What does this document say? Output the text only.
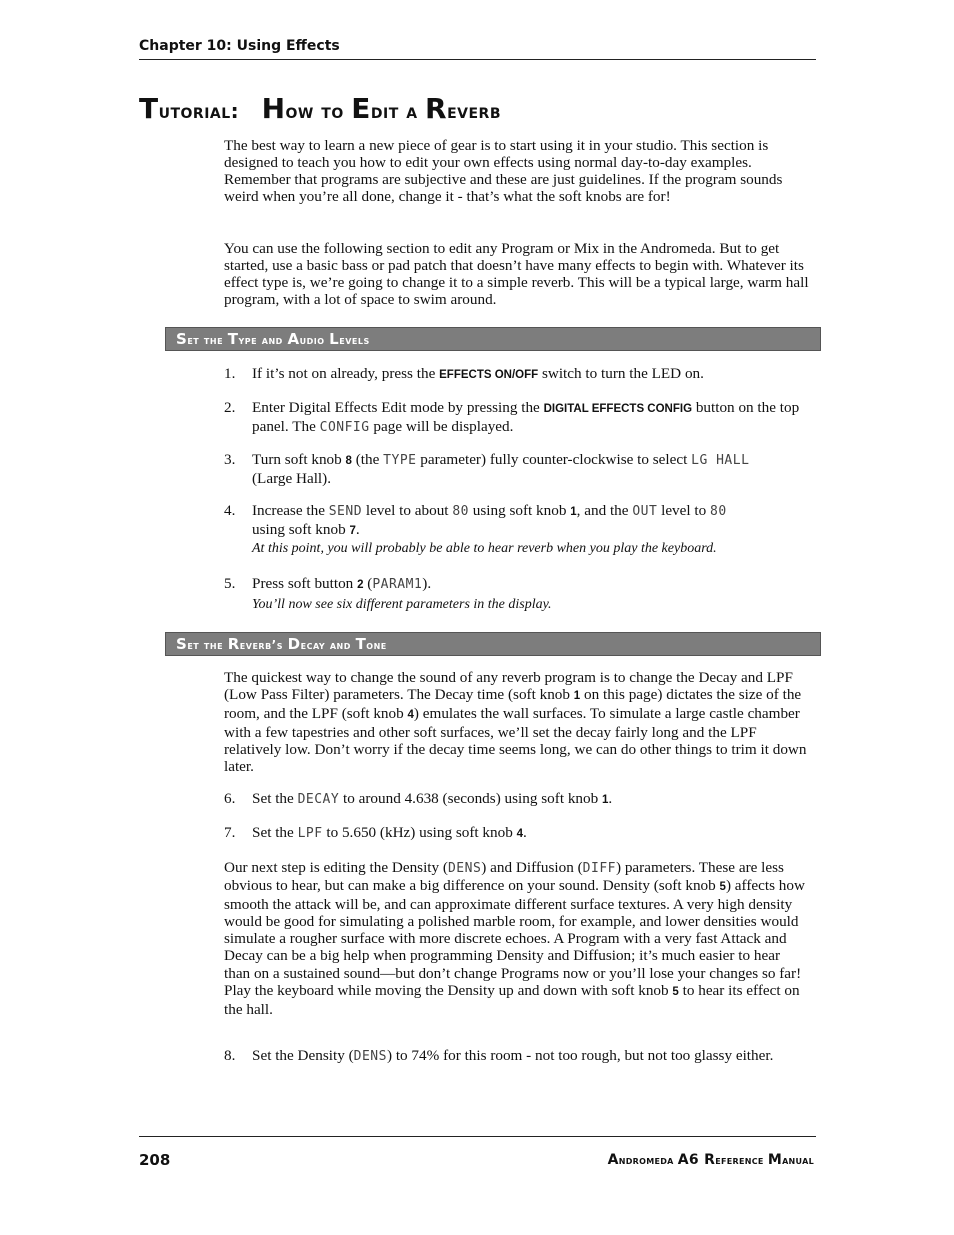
Chapter 10: Using Effects
Tutorial: How to Edit a Reverb
The best way to learn a new piece of gear is to start using it in your studio. This section is designed to teach you how to edit your own effects using normal day-to-day examples. Remember that programs are subjective and these are just guidelines. If the program sounds weird when you’re all done, change it - that’s what the soft knobs are for!
You can use the following section to edit any Program or Mix in the Andromeda. But to get started, use a basic bass or pad patch that doesn’t have many effects to begin with. Whatever its effect type is, we’re going to change it to a simple reverb. This will be a typical large, warm hall program, with a lot of space to swim around.
Set the Type and Audio Levels
1. If it’s not on already, press the EFFECTS ON/OFF switch to turn the LED on.
2. Enter Digital Effects Edit mode by pressing the DIGITAL EFFECTS CONFIG button on the top panel. The CONFIG page will be displayed.
3. Turn soft knob 8 (the TYPE parameter) fully counter-clockwise to select LG HALL
(Large Hall).
4. Increase the SEND level to about 80 using soft knob 1, and the OUT level to 80
using soft knob 7.
At this point, you will probably be able to hear reverb when you play the keyboard.
5. Press soft button 2 (PARAM1).
You’ll now see six different parameters in the display.
Set the Reverb’s Decay and Tone
The quickest way to change the sound of any reverb program is to change the Decay and LPF (Low Pass Filter) parameters. The Decay time (soft knob 1 on this page) dictates the size of the room, and the LPF (soft knob 4) emulates the wall surfaces. To simulate a large castle chamber with a few tapestries and other soft surfaces, we’ll set the decay fairly long and the LPF relatively low. Don’t worry if the decay time seems long, we can do other things to trim it down later.
6. Set the DECAY to around 4.638 (seconds) using soft knob 1.
7. Set the LPF to 5.650 (kHz) using soft knob 4.
Our next step is editing the Density (DENS) and Diffusion (DIFF) parameters. These are less obvious to hear, but can make a big difference on your sound. Density (soft knob 5) affects how smooth the attack will be, and can approximate different surface textures. A very high density would be good for simulating a polished marble room, for example, and lower densities would simulate a rougher surface with more discrete echoes. A Program with a very fast Attack and Decay can be a big help when programming Density and Diffusion; it’s much easier to hear than on a sustained sound—but don’t change Programs now or you’ll lose your changes so far! Play the keyboard while moving the Density up and down with soft knob 5 to hear its effect on the hall.
8. Set the Density (DENS) to 74% for this room - not too rough, but not too glassy either.
208	Andromeda A6 Reference Manual
